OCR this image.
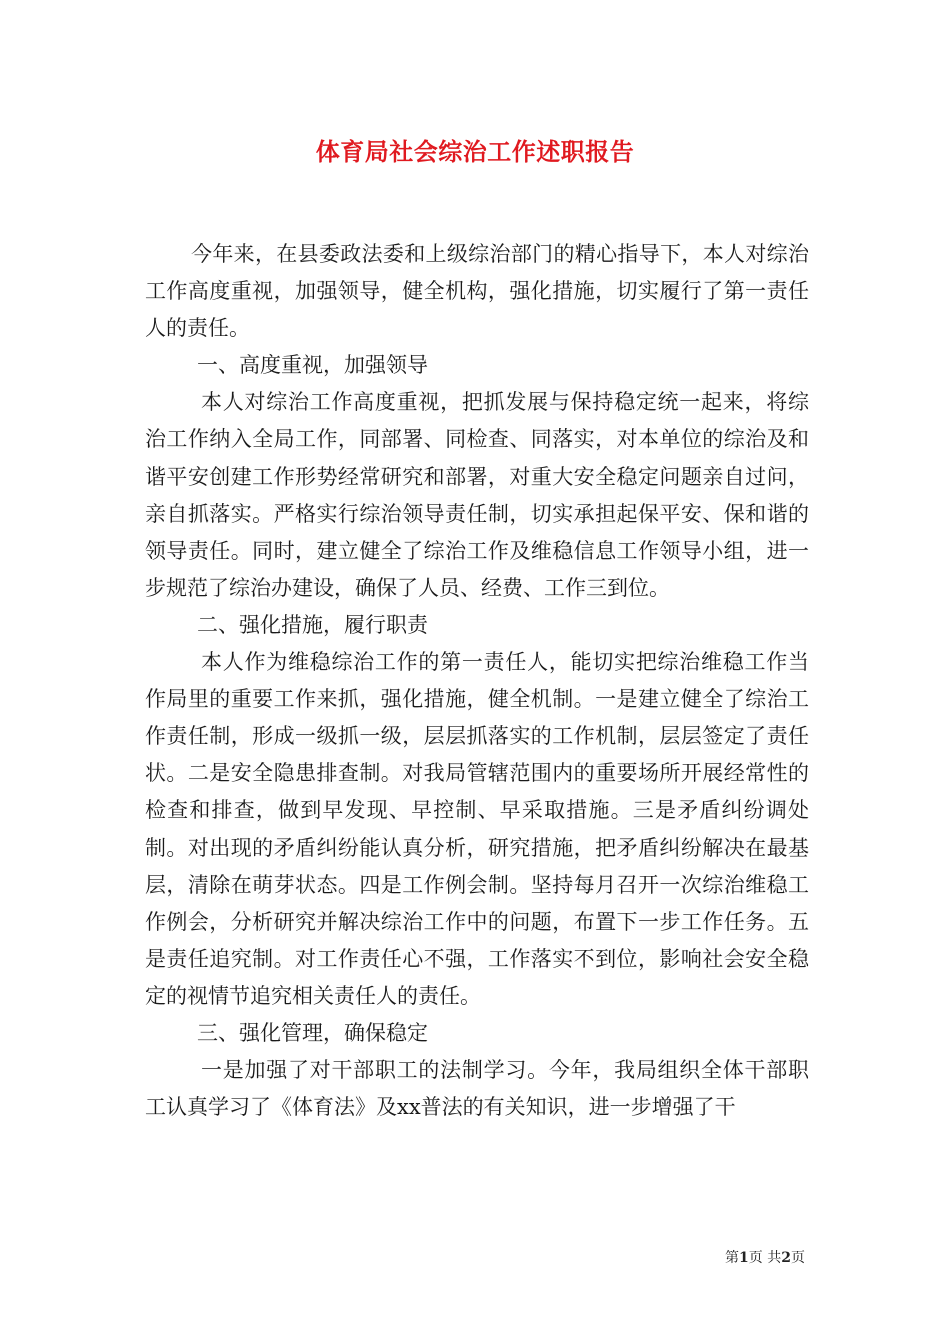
体育局社会综治工作述职报告

今年来，在县委政法委和上级综治部门的精心指导下，本人对综治工作高度重视，加强领导，健全机构，强化措施，切实履行了第一责任人的责任。

一、高度重视，加强领导

本人对综治工作高度重视，把抓发展与保持稳定统一起来，将综治工作纳入全局工作，同部署、同检查、同落实，对本单位的综治及和谐平安创建工作形势经常研究和部署，对重大安全稳定问题亲自过问，亲自抓落实。严格实行综治领导责任制，切实承担起保平安、保和谐的领导责任。同时，建立健全了综治工作及维稳信息工作领导小组，进一步规范了综治办建设，确保了人员、经费、工作三到位。

二、强化措施，履行职责

本人作为维稳综治工作的第一责任人，能切实把综治维稳工作当作局里的重要工作来抓，强化措施，健全机制。一是建立健全了综治工作责任制，形成一级抓一级，层层抓落实的工作机制，层层签定了责任状。二是安全隐患排查制。对我局管辖范围内的重要场所开展经常性的检查和排查，做到早发现、早控制、早采取措施。三是矛盾纠纷调处制。对出现的矛盾纠纷能认真分析，研究措施，把矛盾纠纷解决在最基层，清除在萌芽状态。四是工作例会制。坚持每月召开一次综治维稳工作例会，分析研究并解决综治工作中的问题，布置下一步工作任务。五是责任追究制。对工作责任心不强，工作落实不到位，影响社会安全稳定的视情节追究相关责任人的责任。

三、强化管理，确保稳定

一是加强了对干部职工的法制学习。今年，我局组织全体干部职工认真学习了《体育法》及xx普法的有关知识，进一步增强了干

第1页 共2页
